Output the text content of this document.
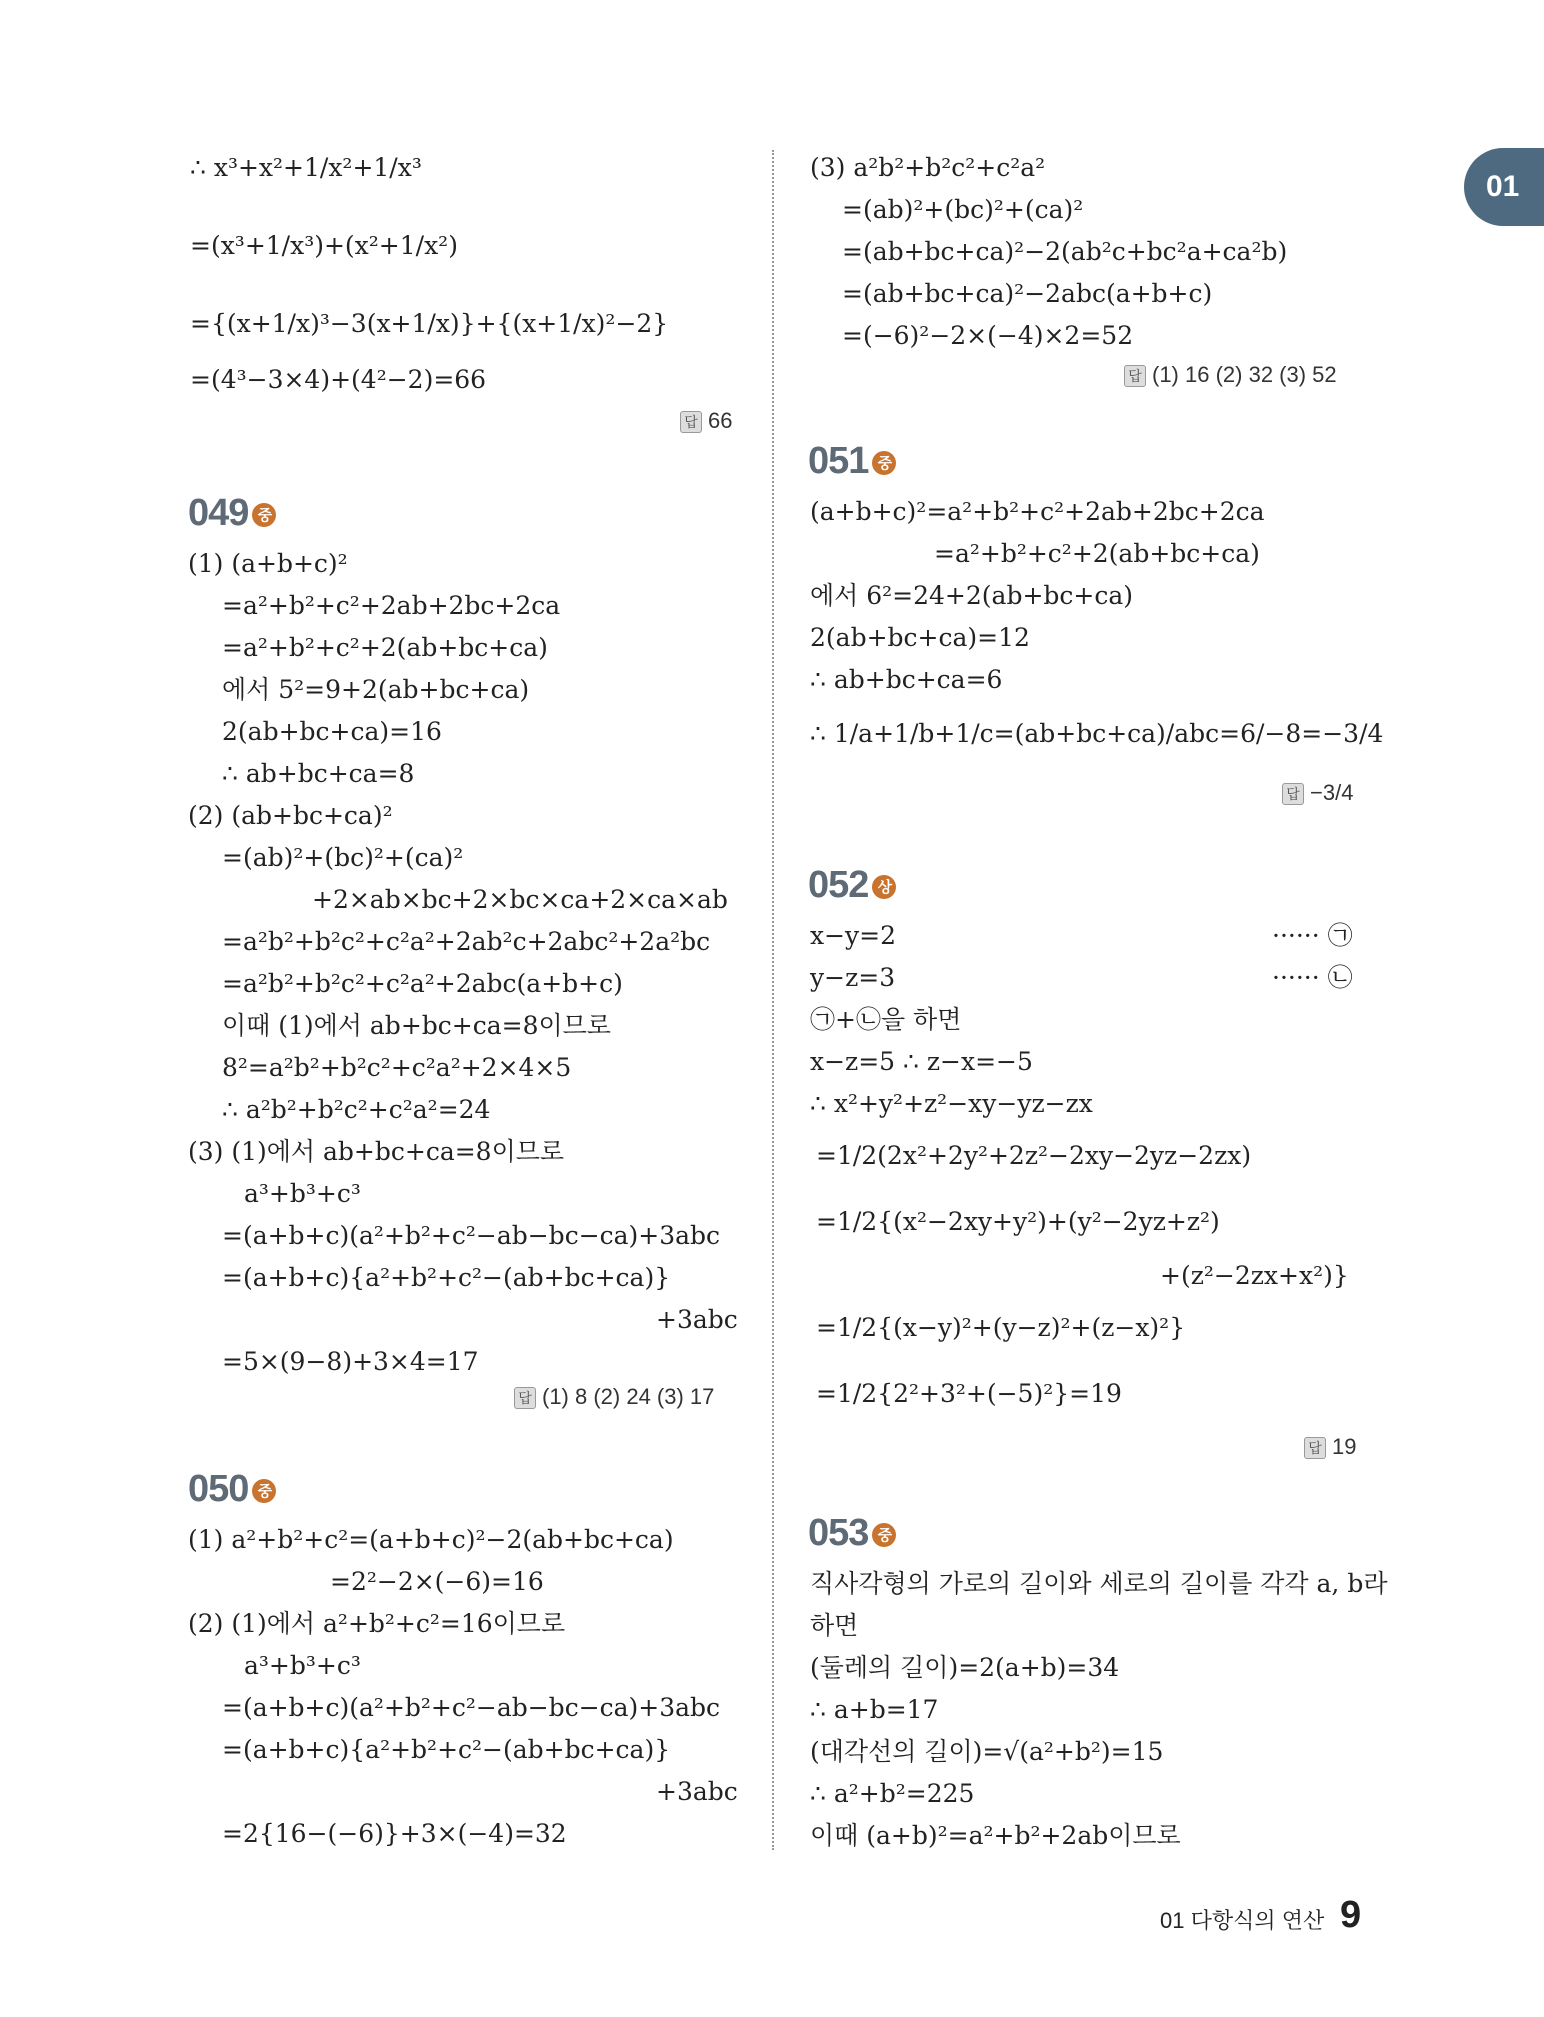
01
∴ x³+x²+1/x²+1/x³
=(x³+1/x³)+(x²+1/x²)
={(x+1/x)³−3(x+1/x)}+{(x+1/x)²−2}
=(4³−3×4)+(4²−2)=66
답 66
049 중
(1) (a+b+c)²
=a²+b²+c²+2ab+2bc+2ca
=a²+b²+c²+2(ab+bc+ca)
에서 5²=9+2(ab+bc+ca)
2(ab+bc+ca)=16
∴ ab+bc+ca=8
(2) (ab+bc+ca)²
=(ab)²+(bc)²+(ca)²
+2×ab×bc+2×bc×ca+2×ca×ab
=a²b²+b²c²+c²a²+2ab²c+2abc²+2a²bc
=a²b²+b²c²+c²a²+2abc(a+b+c)
이때 (1)에서 ab+bc+ca=8이므로
8²=a²b²+b²c²+c²a²+2×4×5
∴ a²b²+b²c²+c²a²=24
(3) (1)에서 ab+bc+ca=8이므로
a³+b³+c³
=(a+b+c)(a²+b²+c²−ab−bc−ca)+3abc
=(a+b+c){a²+b²+c²−(ab+bc+ca)}
+3abc
=5×(9−8)+3×4=17
답 (1) 8 (2) 24 (3) 17
050 중
(1) a²+b²+c²=(a+b+c)²−2(ab+bc+ca)
=2²−2×(−6)=16
(2) (1)에서 a²+b²+c²=16이므로
a³+b³+c³
=(a+b+c)(a²+b²+c²−ab−bc−ca)+3abc
=(a+b+c){a²+b²+c²−(ab+bc+ca)}
+3abc
=2{16−(−6)}+3×(−4)=32
(3) a²b²+b²c²+c²a²
=(ab)²+(bc)²+(ca)²
=(ab+bc+ca)²−2(ab²c+bc²a+ca²b)
=(ab+bc+ca)²−2abc(a+b+c)
=(−6)²−2×(−4)×2=52
답 (1) 16 (2) 32 (3) 52
051 중
(a+b+c)²=a²+b²+c²+2ab+2bc+2ca
=a²+b²+c²+2(ab+bc+ca)
에서 6²=24+2(ab+bc+ca)
2(ab+bc+ca)=12
∴ ab+bc+ca=6
∴ 1/a+1/b+1/c=(ab+bc+ca)/abc=6/−8=−3/4
답 −3/4
052 상
x−y=2	······ ㉠
y−z=3	······ ㉡
㉠+㉡을 하면
x−z=5 ∴ z−x=−5
∴ x²+y²+z²−xy−yz−zx
=1/2(2x²+2y²+2z²−2xy−2yz−2zx)
=1/2{(x²−2xy+y²)+(y²−2yz+z²)
+(z²−2zx+x²)}
=1/2{(x−y)²+(y−z)²+(z−x)²}
=1/2{2²+3²+(−5)²}=19
답 19
053 중
직사각형의 가로의 길이와 세로의 길이를 각각 a, b라
하면
(둘레의 길이)=2(a+b)=34
∴ a+b=17
(대각선의 길이)=√(a²+b²)=15
∴ a²+b²=225
이때 (a+b)²=a²+b²+2ab이므로
01 다항식의 연산 9
